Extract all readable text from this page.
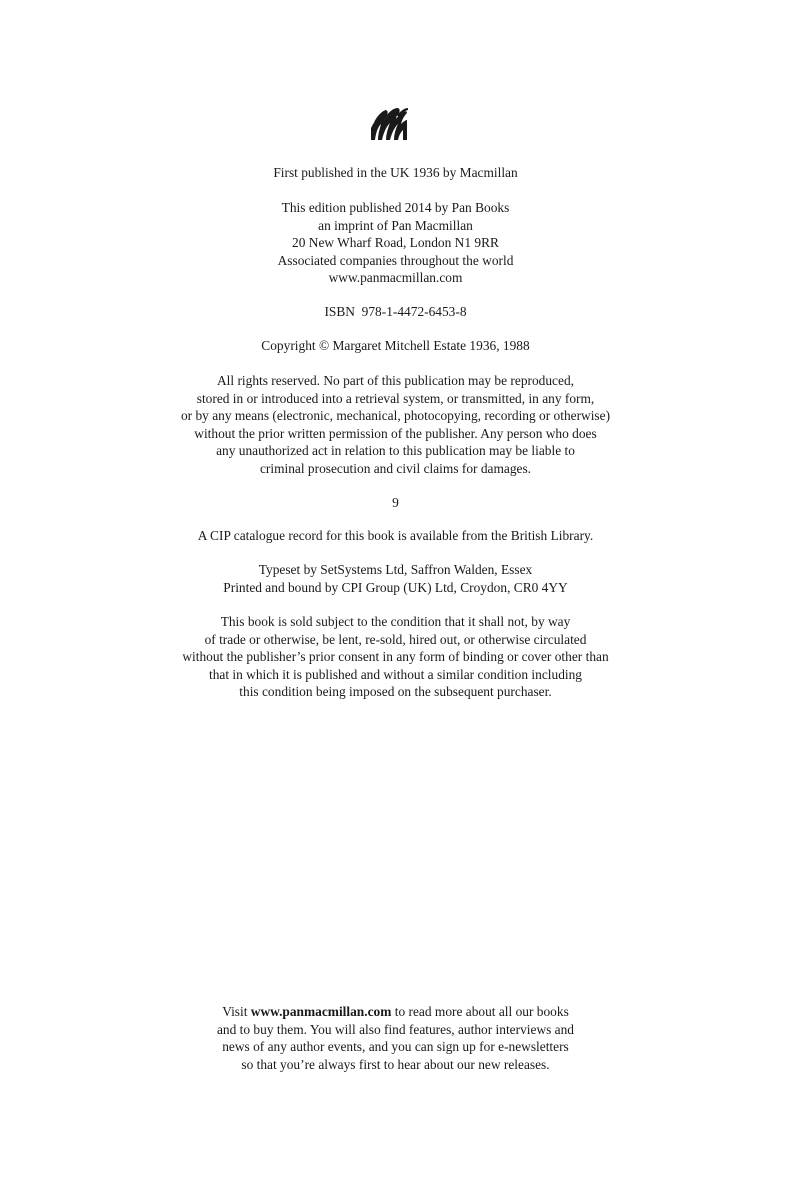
First published in the UK 1936 by Macmillan
This edition published 2014 by Pan Books
an imprint of Pan Macmillan
20 New Wharf Road, London N1 9RR
Associated companies throughout the world
www.panmacmillan.com
ISBN  978-1-4472-6453-8
Copyright © Margaret Mitchell Estate 1936, 1988
All rights reserved. No part of this publication may be reproduced,
stored in or introduced into a retrieval system, or transmitted, in any form,
or by any means (electronic, mechanical, photocopying, recording or otherwise)
without the prior written permission of the publisher. Any person who does
any unauthorized act in relation to this publication may be liable to
criminal prosecution and civil claims for damages.
9
A CIP catalogue record for this book is available from the British Library.
Typeset by SetSystems Ltd, Saffron Walden, Essex
Printed and bound by CPI Group (UK) Ltd, Croydon, CR0 4YY
This book is sold subject to the condition that it shall not, by way
of trade or otherwise, be lent, re-sold, hired out, or otherwise circulated
without the publisher’s prior consent in any form of binding or cover other than
that in which it is published and without a similar condition including
this condition being imposed on the subsequent purchaser.
Visit www.panmacmillan.com to read more about all our books
and to buy them. You will also find features, author interviews and
news of any author events, and you can sign up for e-newsletters
so that you’re always first to hear about our new releases.
